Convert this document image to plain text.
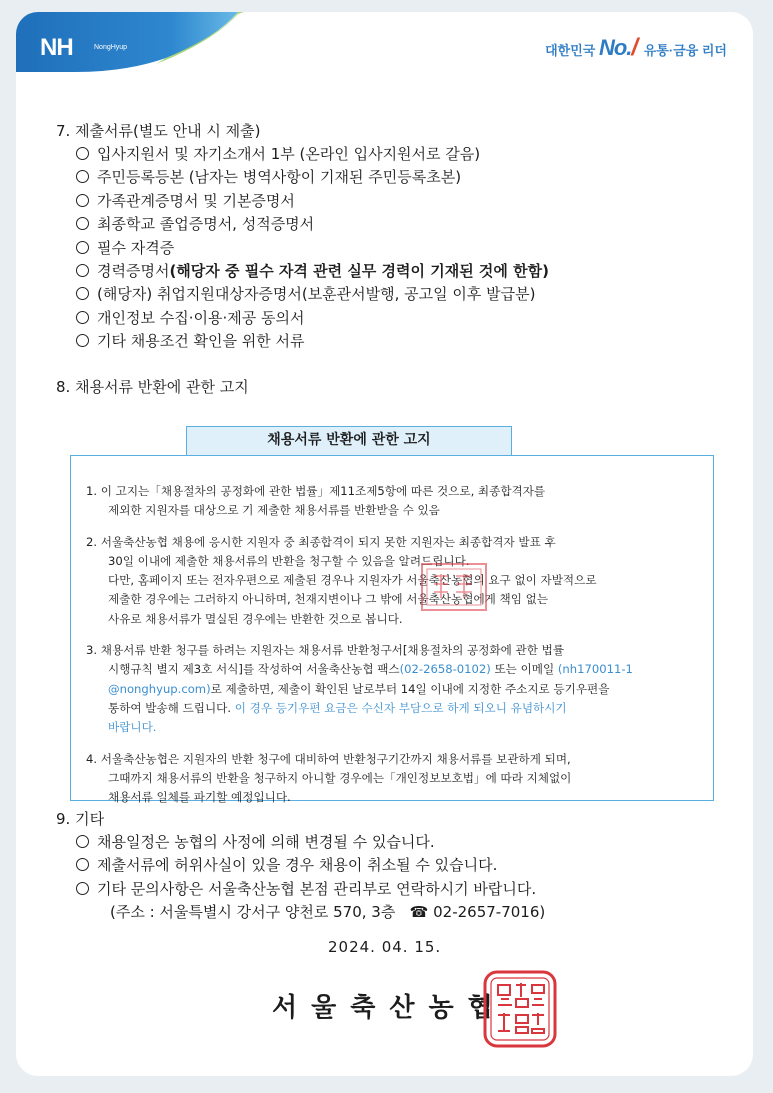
NH	NongHyup	대한민국 No./ 유통·금융 리더
7. 제출서류(별도 안내 시 제출)
입사지원서 및 자기소개서 1부 (온라인 입사지원서로 갈음)
주민등록등본 (남자는 병역사항이 기재된 주민등록초본)
가족관계증명서 및 기본증명서
최종학교 졸업증명서, 성적증명서
필수 자격증
경력증명서(해당자 중 필수 자격 관련 실무 경력이 기재된 것에 한함)
(해당자) 취업지원대상자증명서(보훈관서발행, 공고일 이후 발급분)
개인정보 수집·이용·제공 동의서
기타 채용조건 확인을 위한 서류
8. 채용서류 반환에 관한 고지
채용서류 반환에 관한 고지
1. 이 고지는「채용절차의 공정화에 관한 법률」제11조제5항에 따른 것으로, 최종합격자를
제외한 지원자를 대상으로 기 제출한 채용서류를 반환받을 수 있음
2. 서울축산농협 채용에 응시한 지원자 중 최종합격이 되지 못한 지원자는 최종합격자 발표 후
30일 이내에 제출한 채용서류의 반환을 청구할 수 있음을 알려드립니다.
다만, 홈페이지 또는 전자우편으로 제출된 경우나 지원자가 서울축산농협의 요구 없이 자발적으로
제출한 경우에는 그러하지 아니하며, 천재지변이나 그 밖에 서울축산농협에게 책임 없는
사유로 채용서류가 멸실된 경우에는 반환한 것으로 봅니다.
3. 채용서류 반환 청구를 하려는 지원자는 채용서류 반환청구서[채용절차의 공정화에 관한 법률
시행규칙 별지 제3호 서식]를 작성하여 서울축산농협 팩스(02-2658-0102) 또는 이메일 (nh170011-1
@nonghyup.com)로 제출하면, 제출이 확인된 날로부터 14일 이내에 지정한 주소지로 등기우편을
통하여 발송해 드립니다. 이 경우 등기우편 요금은 수신자 부담으로 하게 되오니 유념하시기
바랍니다.
4. 서울축산농협은 지원자의 반환 청구에 대비하여 반환청구기간까지 채용서류를 보관하게 되며,
그때까지 채용서류의 반환을 청구하지 아니할 경우에는「개인정보보호법」에 따라 지체없이
채용서류 일체를 파기할 예정입니다.
9. 기타
채용일정은 농협의 사정에 의해 변경될 수 있습니다.
제출서류에 허위사실이 있을 경우 채용이 취소될 수 있습니다.
기타 문의사항은 서울축산농협 본점 관리부로 연락하시기 바랍니다.
(주소 : 서울특별시 강서구 양천로 570, 3층 ☎ 02-2657-7016)
2024. 04. 15.
서울축산농협
